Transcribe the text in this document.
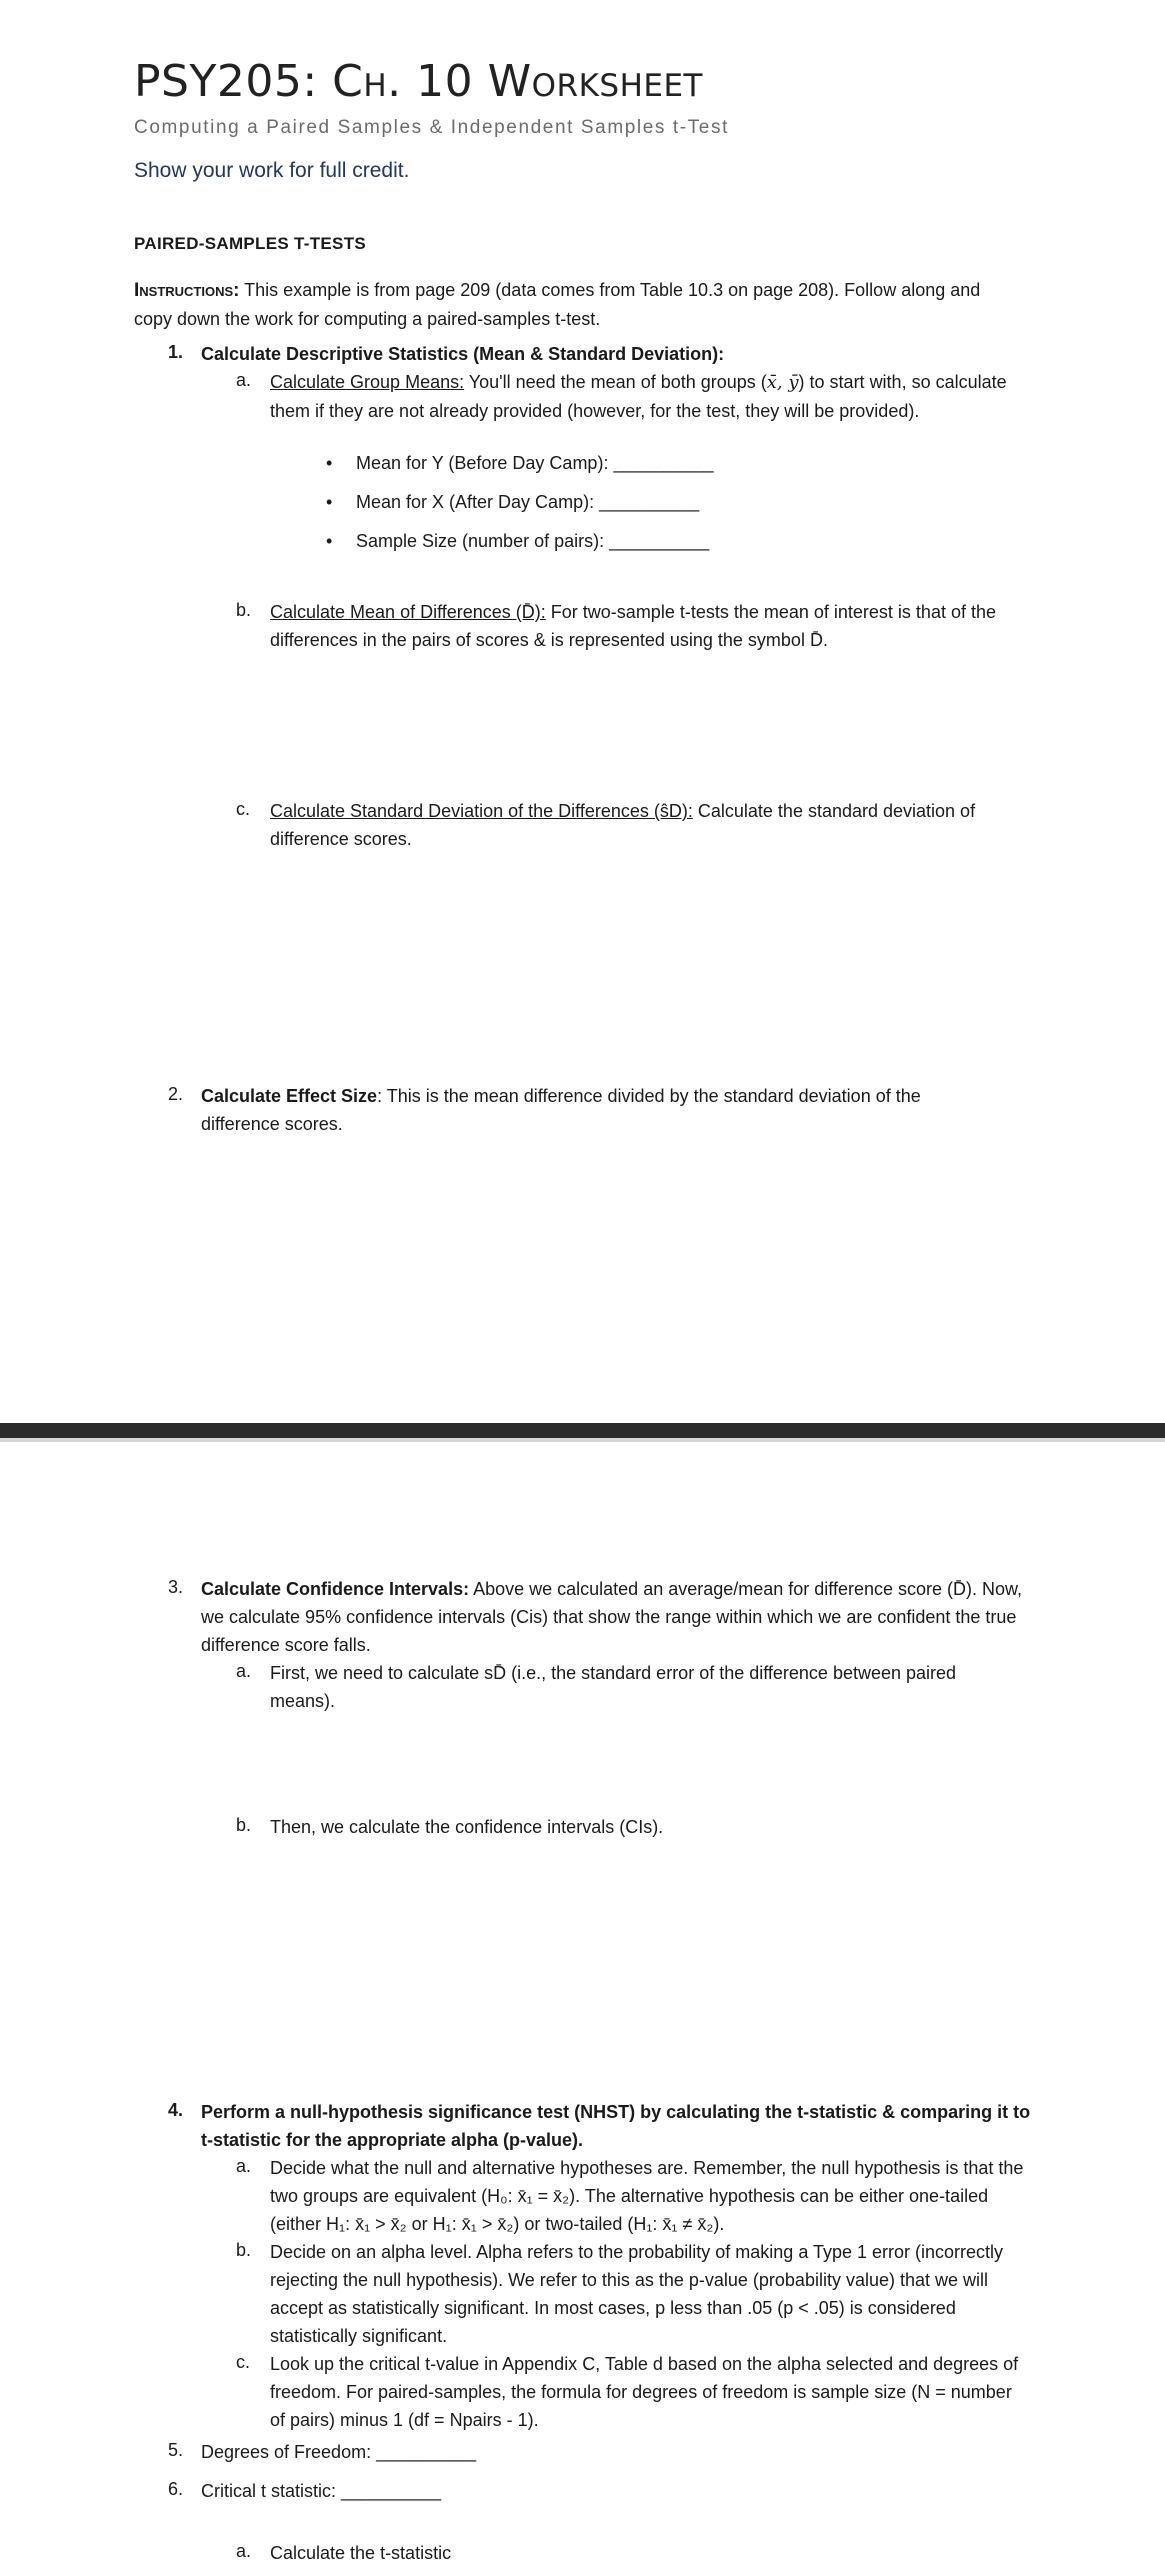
PSY205: Ch. 10 Worksheet
Computing a Paired Samples & Independent Samples t-Test
Show your work for full credit.
PAIRED-SAMPLES T-TESTS
Instructions: This example is from page 209 (data comes from Table 10.3 on page 208). Follow along and copy down the work for computing a paired-samples t-test.
1. Calculate Descriptive Statistics (Mean & Standard Deviation):
a. Calculate Group Means: You'll need the mean of both groups (x̄, ȳ) to start with, so calculate them if they are not already provided (however, for the test, they will be provided).
• Mean for Y (Before Day Camp): __________
• Mean for X (After Day Camp): __________
• Sample Size (number of pairs): __________
b. Calculate Mean of Differences (D̄): For two-sample t-tests the mean of interest is that of the differences in the pairs of scores & is represented using the symbol D̄.
c. Calculate Standard Deviation of the Differences (ŝD): Calculate the standard deviation of difference scores.
2. Calculate Effect Size: This is the mean difference divided by the standard deviation of the difference scores.
3. Calculate Confidence Intervals: Above we calculated an average/mean for difference score (D̄). Now, we calculate 95% confidence intervals (Cis) that show the range within which we are confident the true difference score falls.
a. First, we need to calculate sD̄ (i.e., the standard error of the difference between paired means).
b. Then, we calculate the confidence intervals (CIs).
4. Perform a null-hypothesis significance test (NHST) by calculating the t-statistic & comparing it to t-statistic for the appropriate alpha (p-value).
a. Decide what the null and alternative hypotheses are. Remember, the null hypothesis is that the two groups are equivalent (H₀: x̄₁ = x̄₂). The alternative hypothesis can be either one-tailed (either H₁: x̄₁ > x̄₂ or H₁: x̄₁ > x̄₂) or two-tailed (H₁: x̄₁ ≠ x̄₂).
b. Decide on an alpha level. Alpha refers to the probability of making a Type 1 error (incorrectly rejecting the null hypothesis). We refer to this as the p-value (probability value) that we will accept as statistically significant. In most cases, p less than .05 (p < .05) is considered statistically significant.
c. Look up the critical t-value in Appendix C, Table d based on the alpha selected and degrees of freedom. For paired-samples, the formula for degrees of freedom is sample size (N = number of pairs) minus 1 (df = Npairs - 1).
5. Degrees of Freedom: __________
6. Critical t statistic: __________
a. Calculate the t-statistic
